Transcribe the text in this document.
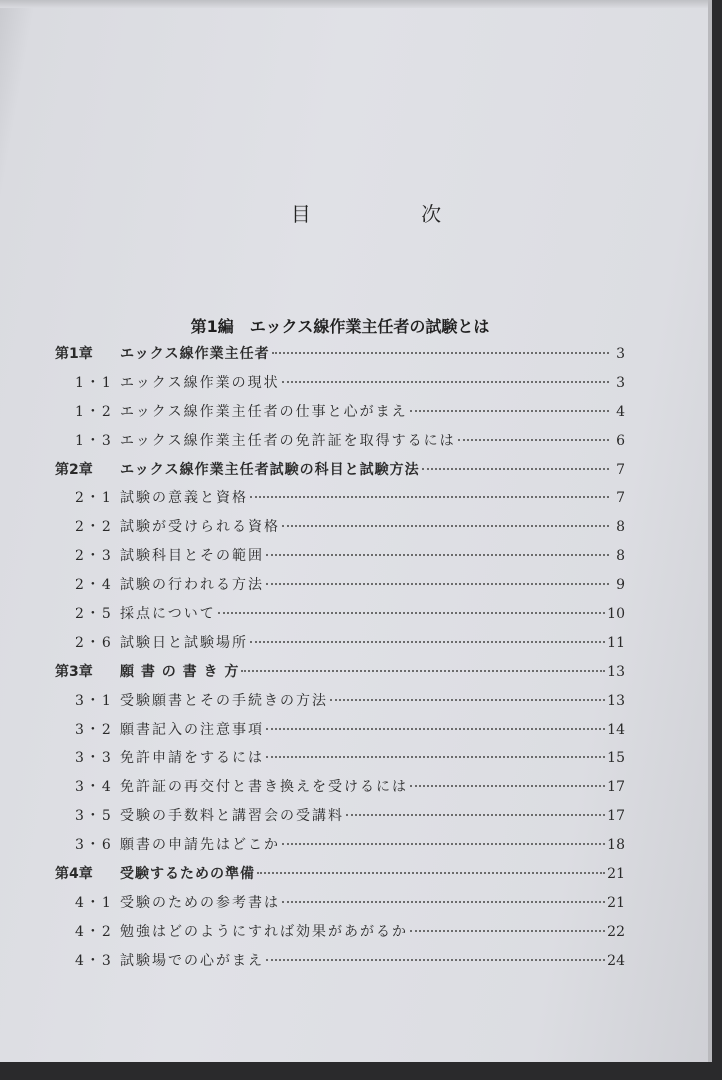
目 次
第1編　エックス線作業主任者の試験とは
第1章	エックス線作業主任者	3
1・1 エックス線作業の現状	3
1・2 エックス線作業主任者の仕事と心がまえ	4
1・3 エックス線作業主任者の免許証を取得するには	6
第2章	エックス線作業主任者試験の科目と試験方法	7
2・1 試験の意義と資格	7
2・2 試験が受けられる資格	8
2・3 試験科目とその範囲	8
2・4 試験の行われる方法	9
2・5 採点について	10
2・6 試験日と試験場所	11
第3章	願 書 の 書 き 方	13
3・1 受験願書とその手続きの方法	13
3・2 願書記入の注意事項	14
3・3 免許申請をするには	15
3・4 免許証の再交付と書き換えを受けるには	17
3・5 受験の手数料と講習会の受講料	17
3・6 願書の申請先はどこか	18
第4章	受験するための準備	21
4・1 受験のための参考書は	21
4・2 勉強はどのようにすれば効果があがるか	22
4・3 試験場での心がまえ	24
